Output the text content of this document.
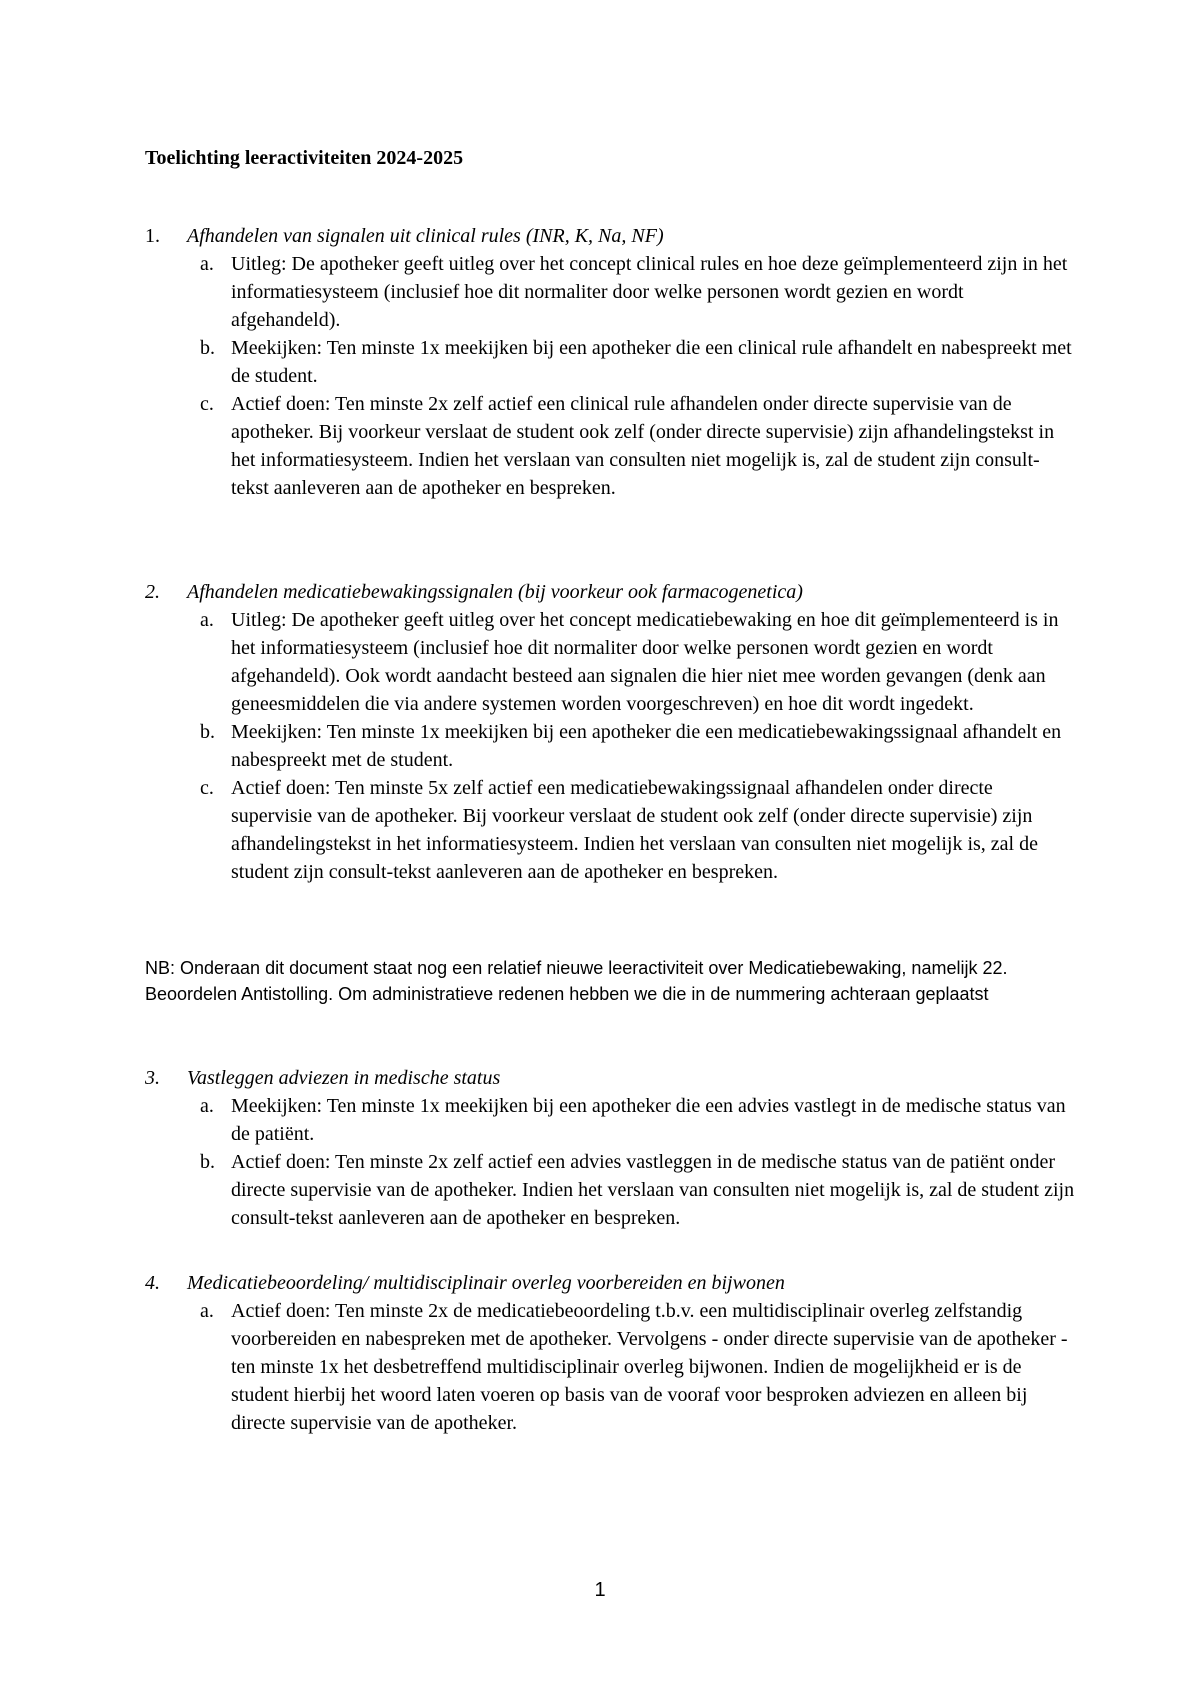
Toelichting leeractiviteiten 2024-2025
1. Afhandelen van signalen uit clinical rules (INR, K, Na, NF)
a. Uitleg: De apotheker geeft uitleg over het concept clinical rules en hoe deze geïmplementeerd zijn in het informatiesysteem (inclusief hoe dit normaliter door welke personen wordt gezien en wordt afgehandeld).
b. Meekijken: Ten minste 1x meekijken bij een apotheker die een clinical rule afhandelt en nabespreekt met de student.
c. Actief doen: Ten minste 2x zelf actief een clinical rule afhandelen onder directe supervisie van de apotheker. Bij voorkeur verslaat de student ook zelf (onder directe supervisie) zijn afhandelingstekst in het informatiesysteem. Indien het verslaan van consulten niet mogelijk is, zal de student zijn consult-tekst aanleveren aan de apotheker en bespreken.
2. Afhandelen medicatiebewakingssignalen (bij voorkeur ook farmacogenetica)
a. Uitleg: De apotheker geeft uitleg over het concept medicatiebewaking en hoe dit geïmplementeerd is in het informatiesysteem (inclusief hoe dit normaliter door welke personen wordt gezien en wordt afgehandeld). Ook wordt aandacht besteed aan signalen die hier niet mee worden gevangen (denk aan geneesmiddelen die via andere systemen worden voorgeschreven) en hoe dit wordt ingedekt.
b. Meekijken: Ten minste 1x meekijken bij een apotheker die een medicatiebewakingssignaal afhandelt en nabespreekt met de student.
c. Actief doen: Ten minste 5x zelf actief een medicatiebewakingssignaal afhandelen onder directe supervisie van de apotheker. Bij voorkeur verslaat de student ook zelf (onder directe supervisie) zijn afhandelingstekst in het informatiesysteem. Indien het verslaan van consulten niet mogelijk is, zal de student zijn consult-tekst aanleveren aan de apotheker en bespreken.
NB: Onderaan dit document staat nog een relatief nieuwe leeractiviteit over Medicatiebewaking, namelijk 22. Beoordelen Antistolling. Om administratieve redenen hebben we die in de nummering achteraan geplaatst
3. Vastleggen adviezen in medische status
a. Meekijken: Ten minste 1x meekijken bij een apotheker die een advies vastlegt in de medische status van de patiënt.
b. Actief doen: Ten minste 2x zelf actief een advies vastleggen in de medische status van de patiënt onder directe supervisie van de apotheker. Indien het verslaan van consulten niet mogelijk is, zal de student zijn consult-tekst aanleveren aan de apotheker en bespreken.
4. Medicatiebeoordeling/ multidisciplinair overleg voorbereiden en bijwonen
a. Actief doen: Ten minste 2x de medicatiebeoordeling t.b.v. een multidisciplinair overleg zelfstandig voorbereiden en nabespreken met de apotheker. Vervolgens - onder directe supervisie van de apotheker - ten minste 1x het desbetreffend multidisciplinair overleg bijwonen. Indien de mogelijkheid er is de student hierbij het woord laten voeren op basis van de vooraf voor besproken adviezen en alleen bij directe supervisie van de apotheker.
1
